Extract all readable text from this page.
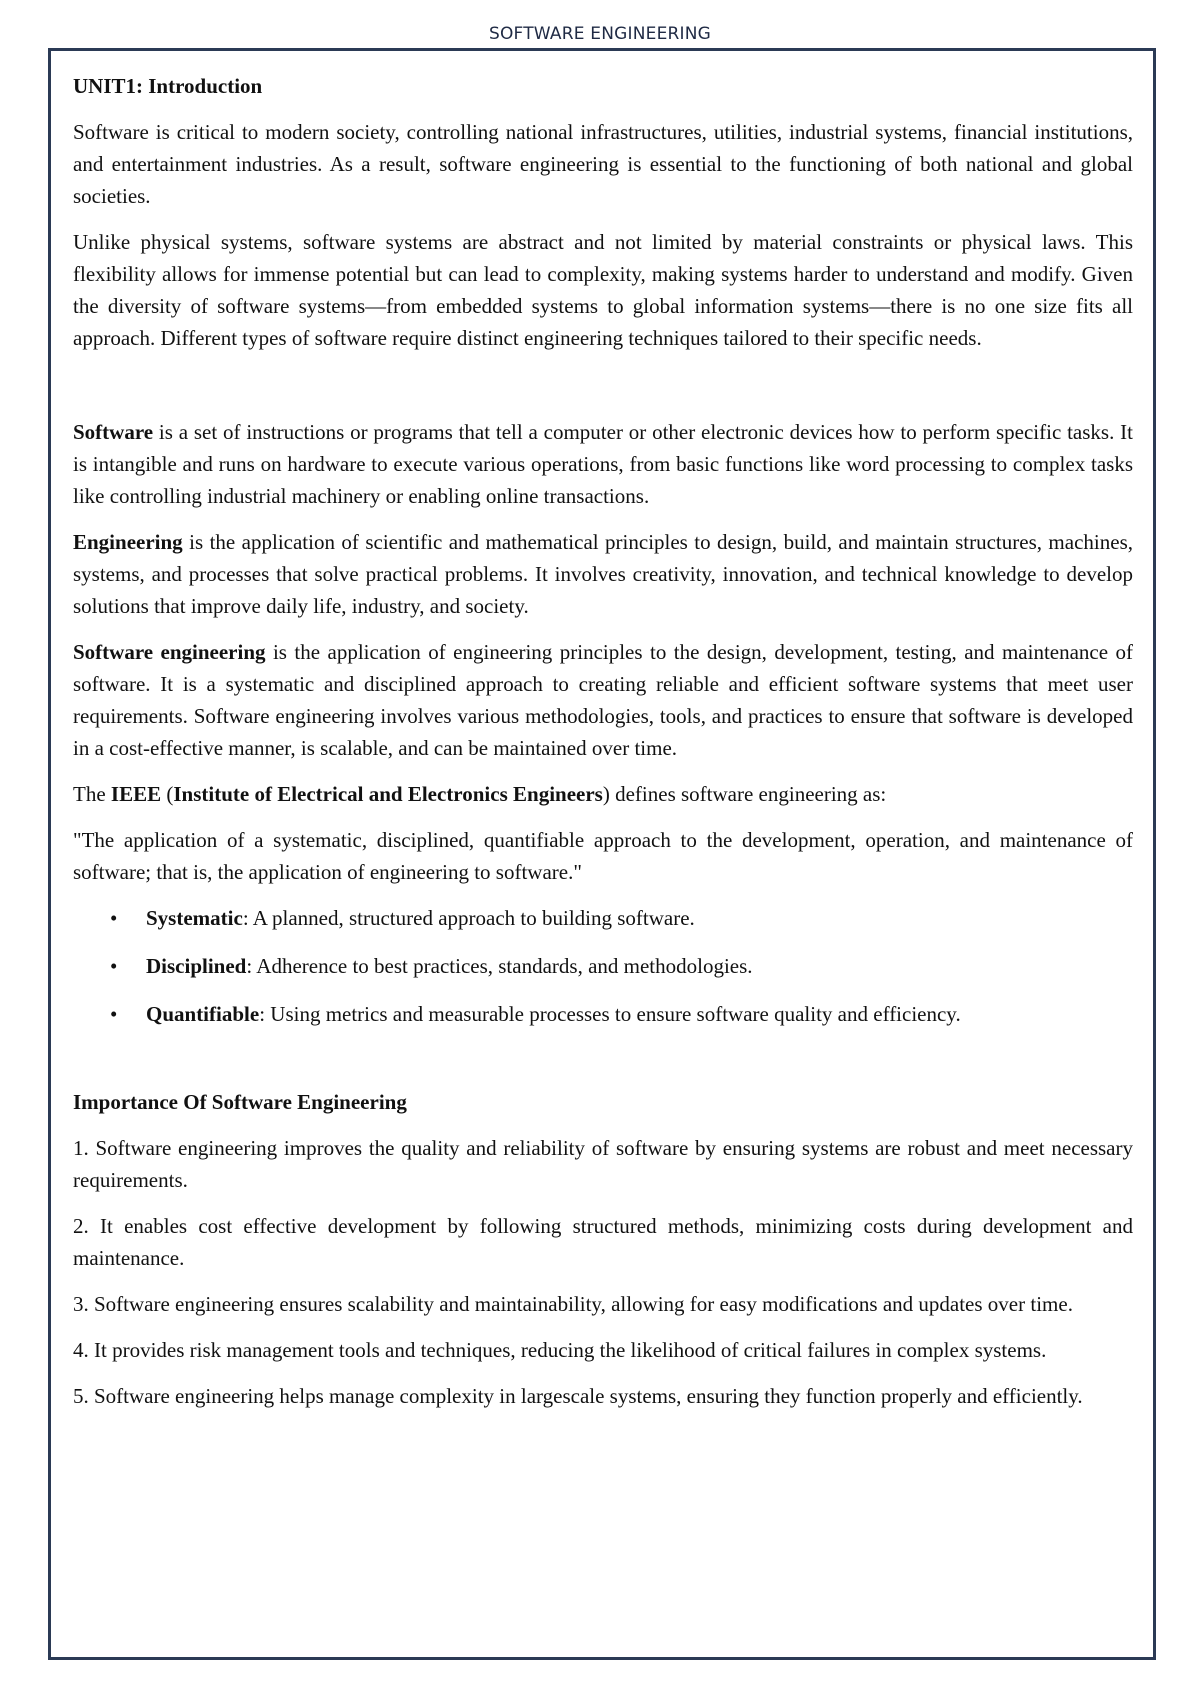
SOFTWARE ENGINEERING

UNIT1: Introduction

Software is critical to modern society, controlling national infrastructures, utilities, industrial systems, financial institutions, and entertainment industries. As a result, software engineering is essential to the functioning of both national and global societies.

Unlike physical systems, software systems are abstract and not limited by material constraints or physical laws. This flexibility allows for immense potential but can lead to complexity, making systems harder to understand and modify. Given the diversity of software systems—from embedded systems to global information systems—there is no one size fits all approach. Different types of software require distinct engineering techniques tailored to their specific needs.

Software is a set of instructions or programs that tell a computer or other electronic devices how to perform specific tasks. It is intangible and runs on hardware to execute various operations, from basic functions like word processing to complex tasks like controlling industrial machinery or enabling online transactions.

Engineering is the application of scientific and mathematical principles to design, build, and maintain structures, machines, systems, and processes that solve practical problems. It involves creativity, innovation, and technical knowledge to develop solutions that improve daily life, industry, and society.

Software engineering is the application of engineering principles to the design, development, testing, and maintenance of software. It is a systematic and disciplined approach to creating reliable and efficient software systems that meet user requirements. Software engineering involves various methodologies, tools, and practices to ensure that software is developed in a cost-effective manner, is scalable, and can be maintained over time.

The IEEE (Institute of Electrical and Electronics Engineers) defines software engineering as:

"The application of a systematic, disciplined, quantifiable approach to the development, operation, and maintenance of software; that is, the application of engineering to software."

• Systematic: A planned, structured approach to building software.
• Disciplined: Adherence to best practices, standards, and methodologies.
• Quantifiable: Using metrics and measurable processes to ensure software quality and efficiency.

Importance Of Software Engineering

1. Software engineering improves the quality and reliability of software by ensuring systems are robust and meet necessary requirements.

2. It enables cost effective development by following structured methods, minimizing costs during development and maintenance.

3. Software engineering ensures scalability and maintainability, allowing for easy modifications and updates over time.

4. It provides risk management tools and techniques, reducing the likelihood of critical failures in complex systems.

5. Software engineering helps manage complexity in largescale systems, ensuring they function properly and efficiently.
